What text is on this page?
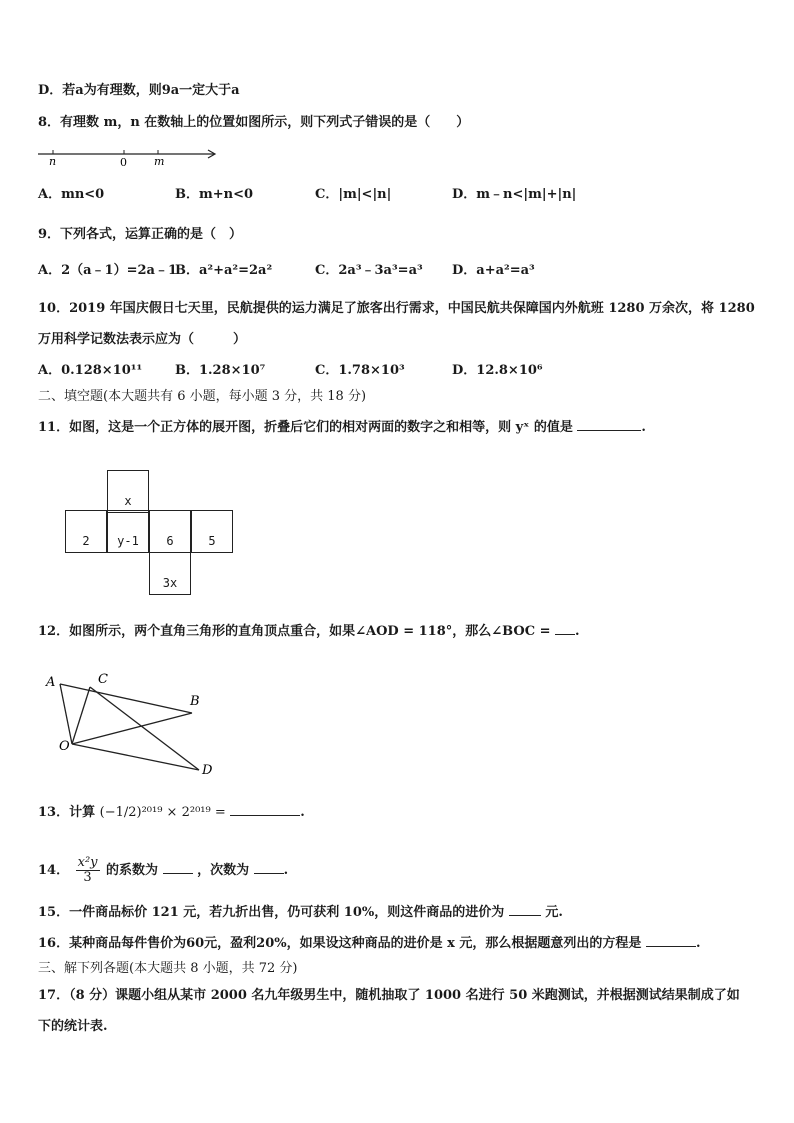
D．若a为有理数，则9a一定大于a
8．有理数 m，n 在数轴上的位置如图所示，则下列式子错误的是（　　）
n	0 m
A．mn<0	B．m+n<0	C．|m|<|n|	D．m﹣n<|m|+|n|
9．下列各式，运算正确的是（　）
A．2（a﹣1）=2a﹣1
B．a²+a²=2a²	C．2a³﹣3a³=a³ D．a+a²=a³
10．2019 年国庆假日七天里，民航提供的运力满足了旅客出行需求，中国民航共保障国内外航班 1280 万余次，将 1280
万用科学记数法表示应为（　　　）
A．0.128×10¹¹	B．1.28×10⁷	C．1.78×10³	D．12.8×10⁶
二、填空题(本大题共有 6 小题，每小题 3 分，共 18 分)
11．如图，这是一个正方体的展开图，折叠后它们的相对两面的数字之和相等，则 yˣ 的值是	.
x
2	y-1	6	5
3x
12．如图所示，两个直角三角形的直角顶点重合，如果∠AOD = 118°，那么∠BOC = .
A	C
B
O
D
13．计算 (−1/2)²⁰¹⁹ × 2²⁰¹⁹ =	.
14． $\frac{\text{x²y}}{3}$ 的系数为	，次数为	.
15．一件商品标价 121 元，若九折出售，仍可获利 10%，则这件商品的进价为	元.
16．某种商品每件售价为60元，盈利20%，如果设这种商品的进价是 x 元，那么根据题意列出的方程是	.
三、解下列各题(本大题共 8 小题，共 72 分)
17．（8 分）课题小组从某市 2000 名九年级男生中，随机抽取了 1000 名进行 50 米跑测试，并根据测试结果制成了如
下的统计表.
